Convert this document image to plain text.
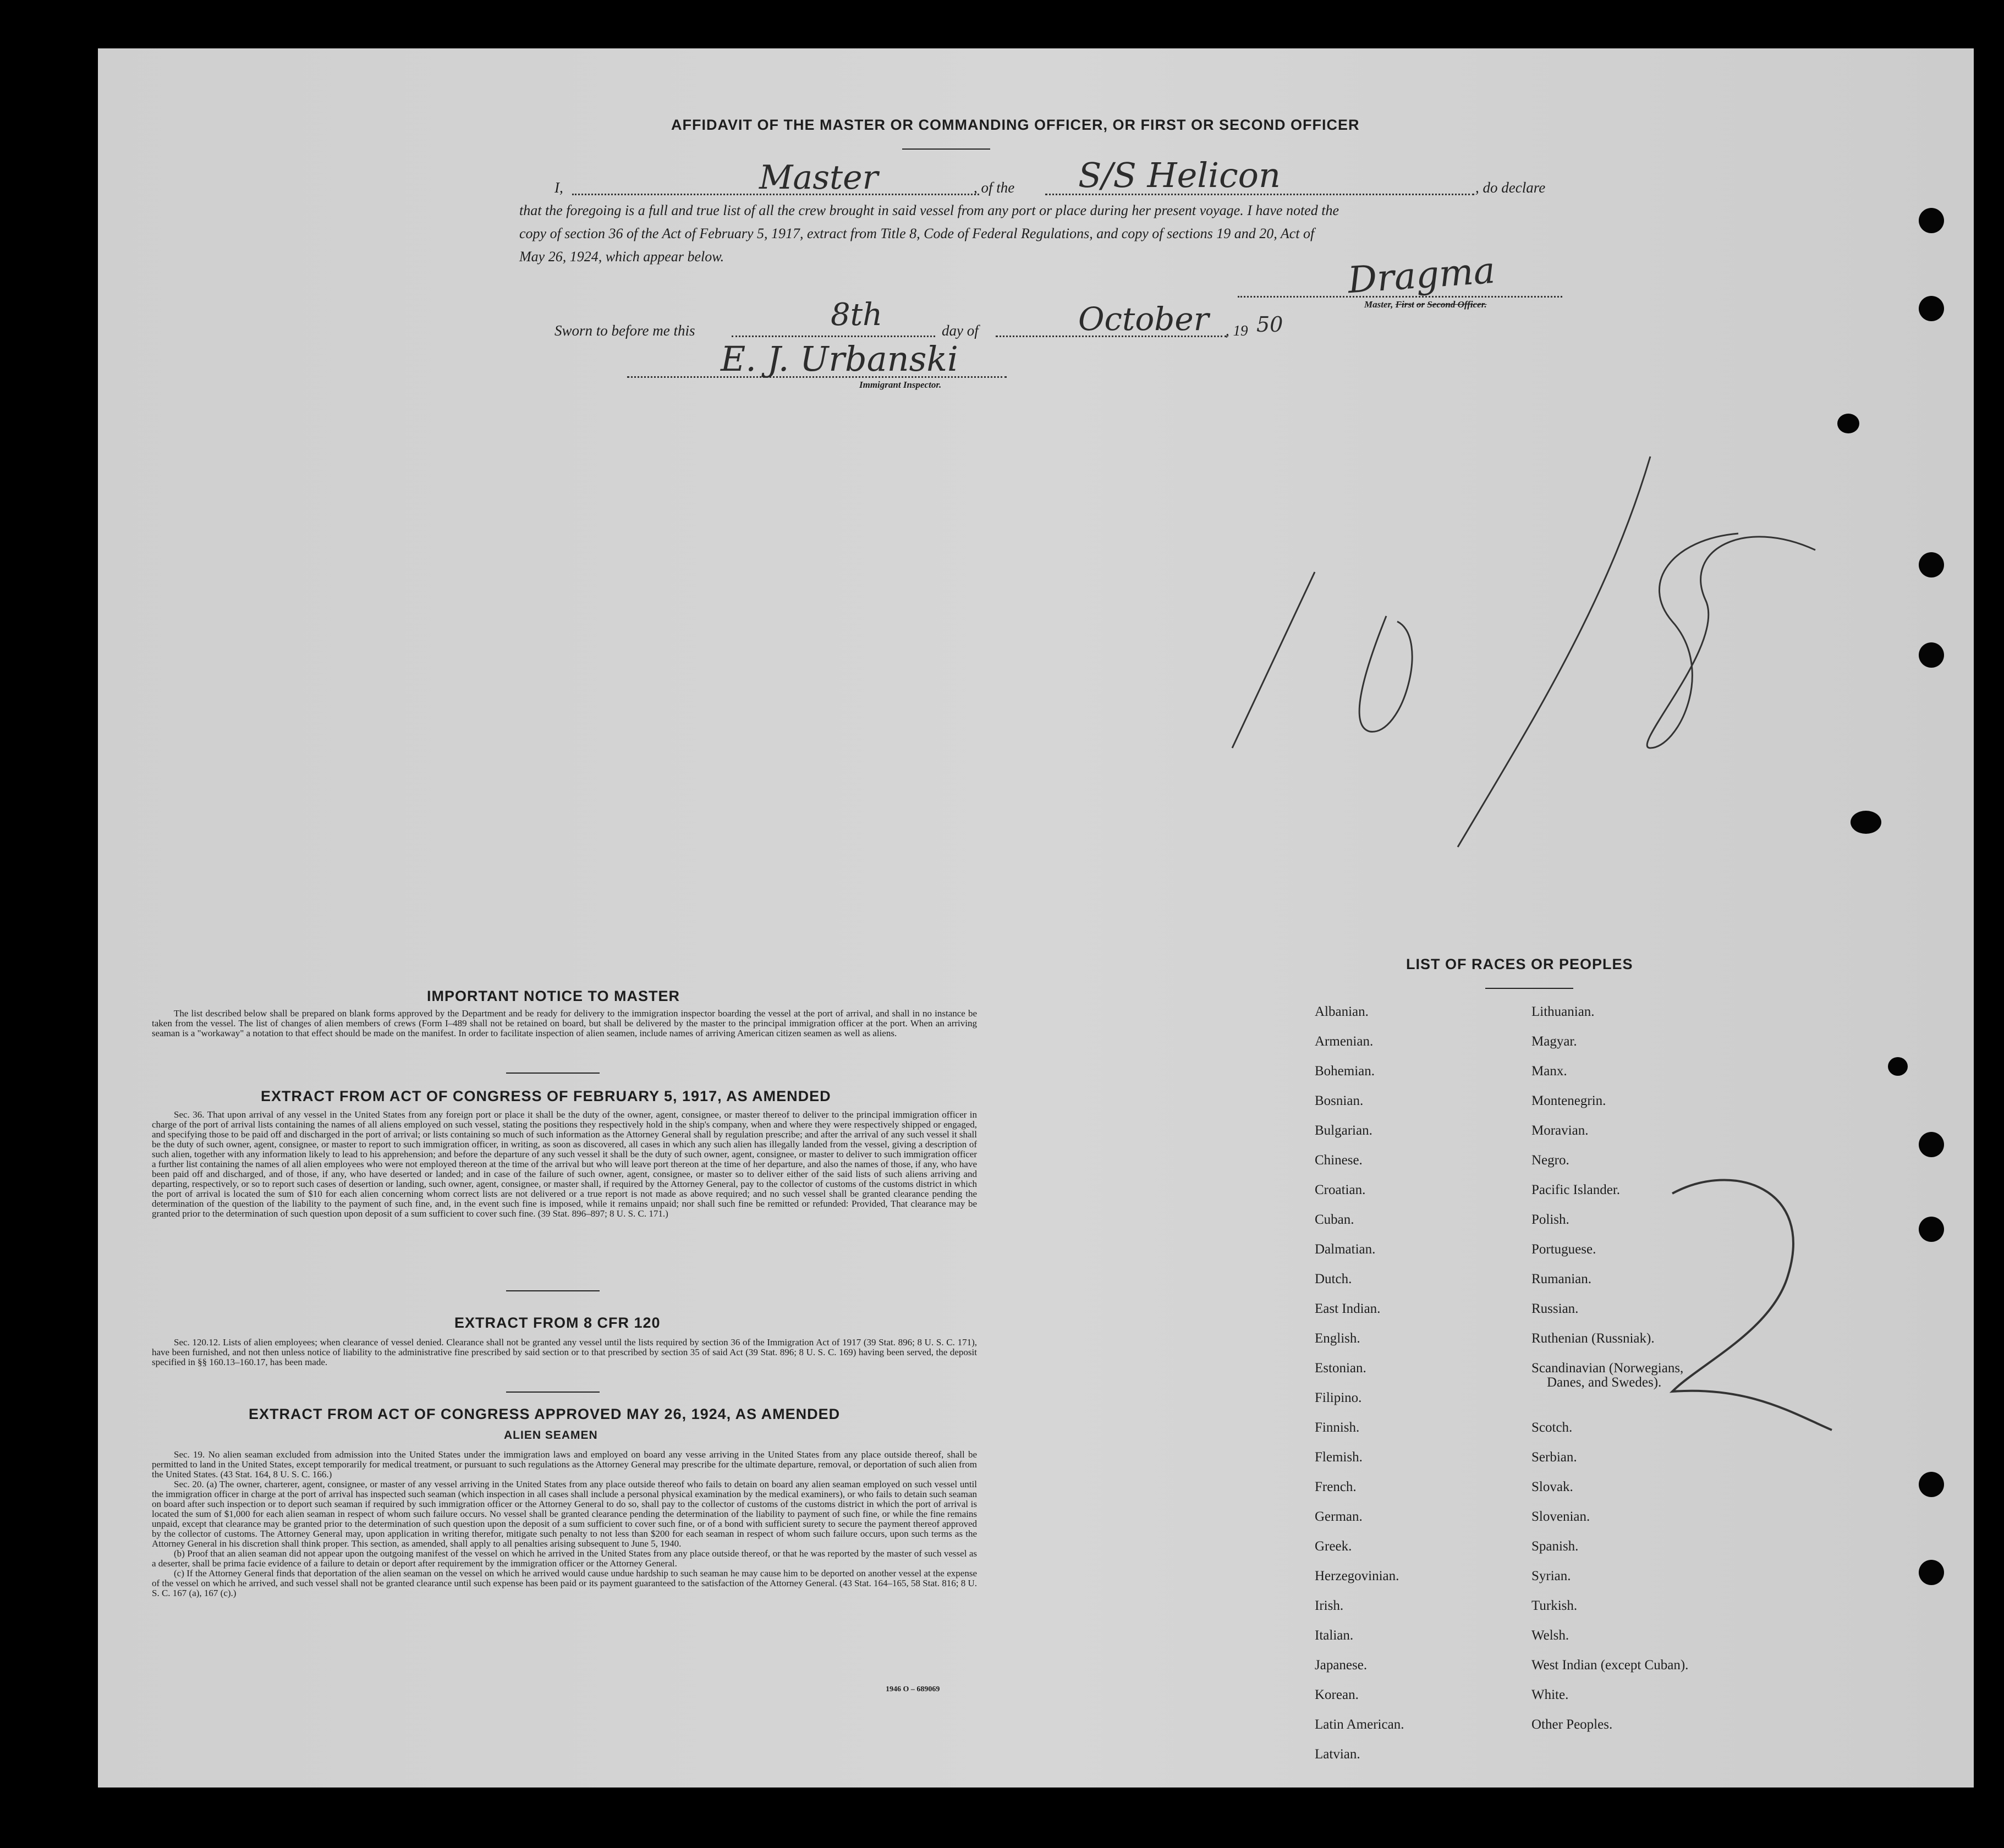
AFFIDAVIT OF THE MASTER OR COMMANDING OFFICER, OR FIRST OR SECOND OFFICER
I,	Master	, of the S/S Helicon	, do declare
that the foregoing is a full and true list of all the crew brought in said vessel from any port or place during her present voyage. I have noted the
copy of section 36 of the Act of February 5, 1917, extract from Title 8, Code of Federal Regulations, and copy of sections 19 and 20, Act of
May 26, 1924, which appear below.	Dragma
Master, First or Second Officer.
Sworn to before me this	8th	day of	October , 19 50
E. J. Urbanski
Immigrant Inspector.
IMPORTANT NOTICE TO MASTER

The list described below shall be prepared on blank forms approved by the Department and be ready for delivery to the immigration inspector boarding the vessel at the port of arrival, and shall in no instance be taken from the vessel. The list of changes of alien members of crews (Form I–489 shall not be retained on board, but shall be delivered by the master to the principal immigration officer at the port. When an arriving seaman is a "workaway" a notation to that effect should be made on the manifest. In order to facilitate inspection of alien seamen, include names of arriving American citizen seamen as well as aliens.

EXTRACT FROM ACT OF CONGRESS OF FEBRUARY 5, 1917, AS AMENDED

Sec. 36. That upon arrival of any vessel in the United States from any foreign port or place it shall be the duty of the owner, agent, consignee, or master thereof to deliver to the principal immigration officer in charge of the port of arrival lists containing the names of all aliens employed on such vessel, stating the positions they respectively hold in the ship's company, when and where they were respectively shipped or engaged, and specifying those to be paid off and discharged in the port of arrival; or lists containing so much of such information as the Attorney General shall by regulation prescribe; and after the arrival of any such vessel it shall be the duty of such owner, agent, consignee, or master to report to such immigration officer, in writing, as soon as discovered, all cases in which any such alien has illegally landed from the vessel, giving a description of such alien, together with any information likely to lead to his apprehension; and before the departure of any such vessel it shall be the duty of such owner, agent, consignee, or master to deliver to such immigration officer a further list containing the names of all alien employees who were not employed thereon at the time of the arrival but who will leave port thereon at the time of her departure, and also the names of those, if any, who have been paid off and discharged, and of those, if any, who have deserted or landed; and in case of the failure of such owner, agent, consignee, or master so to deliver either of the said lists of such aliens arriving and departing, respectively, or so to report such cases of desertion or landing, such owner, agent, consignee, or master shall, if required by the Attorney General, pay to the collector of customs of the customs district in which the port of arrival is located the sum of $10 for each alien concerning whom correct lists are not delivered or a true report is not made as above required; and no such vessel shall be granted clearance pending the determination of the question of the liability to the payment of such fine, and, in the event such fine is imposed, while it remains unpaid; nor shall such fine be remitted or refunded: Provided, That clearance may be granted prior to the determination of such question upon deposit of a sum sufficient to cover such fine. (39 Stat. 896–897; 8 U. S. C. 171.)

EXTRACT FROM 8 CFR 120

Sec. 120.12. Lists of alien employees; when clearance of vessel denied. Clearance shall not be granted any vessel until the lists required by section 36 of the Immigration Act of 1917 (39 Stat. 896; 8 U. S. C. 171), have been furnished, and not then unless notice of liability to the administrative fine prescribed by said section or to that prescribed by section 35 of said Act (39 Stat. 896; 8 U. S. C. 169) having been served, the deposit specified in §§ 160.13–160.17, has been made.

EXTRACT FROM ACT OF CONGRESS APPROVED MAY 26, 1924, AS AMENDED
ALIEN SEAMEN

Sec. 19. No alien seaman excluded from admission into the United States under the immigration laws and employed on board any vesse arriving in the United States from any place outside thereof, shall be permitted to land in the United States, except temporarily for medical treatment, or pursuant to such regulations as the Attorney General may prescribe for the ultimate departure, removal, or deportation of such alien from the United States. (43 Stat. 164, 8 U. S. C. 166.)

Sec. 20. (a) The owner, charterer, agent, consignee, or master of any vessel arriving in the United States from any place outside thereof who fails to detain on board any alien seaman employed on such vessel until the immigration officer in charge at the port of arrival has inspected such seaman (which inspection in all cases shall include a personal physical examination by the medical examiners), or who fails to detain such seaman on board after such inspection or to deport such seaman if required by such immigration officer or the Attorney General to do so, shall pay to the collector of customs of the customs district in which the port of arrival is located the sum of $1,000 for each alien seaman in respect of whom such failure occurs. No vessel shall be granted clearance pending the determination of the liability to payment of such fine, or while the fine remains unpaid, except that clearance may be granted prior to the determination of such question upon the deposit of a sum sufficient to cover such fine, or of a bond with sufficient surety to secure the payment thereof approved by the collector of customs. The Attorney General may, upon application in writing therefor, mitigate such penalty to not less than $200 for each seaman in respect of whom such failure occurs, upon such terms as the Attorney General in his discretion shall think proper. This section, as amended, shall apply to all penalties arising subsequent to June 5, 1940.

(b) Proof that an alien seaman did not appear upon the outgoing manifest of the vessel on which he arrived in the United States from any place outside thereof, or that he was reported by the master of such vessel as a deserter, shall be prima facie evidence of a failure to detain or deport after requirement by the immigration officer or the Attorney General.

(c) If the Attorney General finds that deportation of the alien seaman on the vessel on which he arrived would cause undue hardship to such seaman he may cause him to be deported on another vessel at the expense of the vessel on which he arrived, and such vessel shall not be granted clearance until such expense has been paid or its payment guaranteed to the satisfaction of the Attorney General. (43 Stat. 164–165, 58 Stat. 816; 8 U. S. C. 167 (a), 167 (c).)

1946 O – 689069
LIST OF RACES OR PEOPLES
Albanian.
Armenian.
Bohemian.
Bosnian.
Bulgarian.
Chinese.
Croatian.
Cuban.
Dalmatian.
Dutch.
East Indian.
English.
Estonian.
Filipino.
Finnish.
Flemish.
French.
German.
Greek.
Herzegovinian.
Irish.
Italian.
Japanese.
Korean.
Latin American.
Latvian.
Lithuanian.
Magyar.
Manx.
Montenegrin.
Moravian.
Negro.
Pacific Islander.
Polish.
Portuguese.
Rumanian.
Russian.
Ruthenian (Russniak).
Scandinavian (Norwegians,
Danes, and Swedes).
Scotch.
Serbian.
Slovak.
Slovenian.
Spanish.
Syrian.
Turkish.
Welsh.
West Indian (except Cuban).
White.
Other Peoples.
